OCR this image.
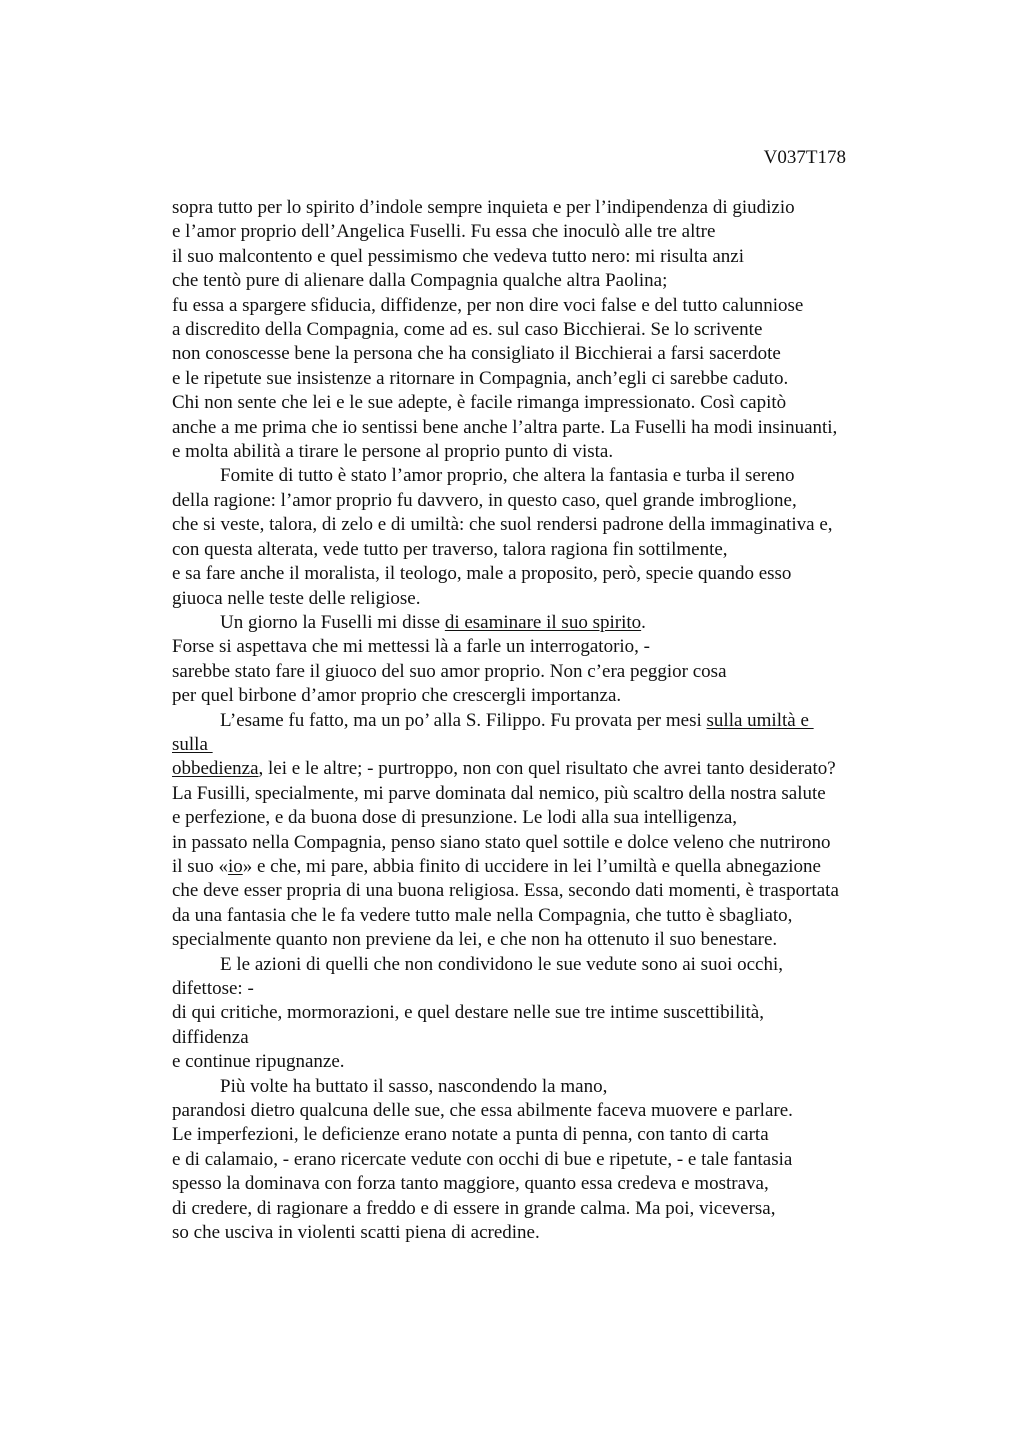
V037T178
sopra tutto per lo spirito d’indole sempre inquieta e per l’indipendenza di giudizio
e l’amor proprio dell’Angelica Fuselli. Fu essa che inoculò alle tre altre
il suo malcontento e quel pessimismo che vedeva tutto nero: mi risulta anzi
che tentò pure di alienare dalla Compagnia qualche altra Paolina;
fu essa a spargere sfiducia, diffidenze, per non dire voci false e del tutto calunniose
a discredito della Compagnia, come ad es. sul caso Bicchierai. Se lo scrivente
non conoscesse bene la persona che ha consigliato il Bicchierai a farsi sacerdote
e le ripetute sue insistenze a ritornare in Compagnia, anch’egli ci sarebbe caduto.
Chi non sente che lei e le sue adepte, è facile rimanga impressionato. Così capitò
anche a me prima che io sentissi bene anche l’altra parte. La Fuselli ha modi insinuanti,
e molta abilità a tirare le persone al proprio punto di vista.
Fomite di tutto è stato l’amor proprio, che altera la fantasia e turba il sereno
della ragione: l’amor proprio fu davvero, in questo caso, quel grande imbroglione,
che si veste, talora, di zelo e di umiltà: che suol rendersi padrone della immaginativa e,
con questa alterata, vede tutto per traverso, talora ragiona fin sottilmente,
e sa fare anche il moralista, il teologo, male a proposito, però, specie quando esso
giuoca nelle teste delle religiose.
Un giorno la Fuselli mi disse di esaminare il suo spirito.
Forse si aspettava che mi mettessi là a farle un interrogatorio, -
sarebbe stato fare il giuoco del suo amor proprio. Non c’era peggior cosa
per quel birbone d’amor proprio che crescergli importanza.
L’esame fu fatto, ma un po’ alla S. Filippo. Fu provata per mesi sulla umiltà e
sulla
obbedienza, lei e le altre; - purtroppo, non con quel risultato che avrei tanto desiderato?
La Fusilli, specialmente, mi parve dominata dal nemico, più scaltro della nostra salute
e perfezione, e da buona dose di presunzione. Le lodi alla sua intelligenza,
in passato nella Compagnia, penso siano stato quel sottile e dolce veleno che nutrirono
il suo «io» e che, mi pare, abbia finito di uccidere in lei l’umiltà e quella abnegazione
che deve esser propria di una buona religiosa. Essa, secondo dati momenti, è trasportata
da una fantasia che le fa vedere tutto male nella Compagnia, che tutto è sbagliato,
specialmente quanto non previene da lei, e che non ha ottenuto il suo benestare.
E le azioni di quelli che non condividono le sue vedute sono ai suoi occhi,
difettose: -
di qui critiche, mormorazioni, e quel destare nelle sue tre intime suscettibilità,
diffidenza
e continue ripugnanze.
Più volte ha buttato il sasso, nascondendo la mano,
parandosi dietro qualcuna delle sue, che essa abilmente faceva muovere e parlare.
Le imperfezioni, le deficienze erano notate a punta di penna, con tanto di carta
e di calamaio, - erano ricercate vedute con occhi di bue e ripetute, - e tale fantasia
spesso la dominava con forza tanto maggiore, quanto essa credeva e mostrava,
di credere, di ragionare a freddo e di essere in grande calma. Ma poi, viceversa,
so che usciva in violenti scatti piena di acredine.
